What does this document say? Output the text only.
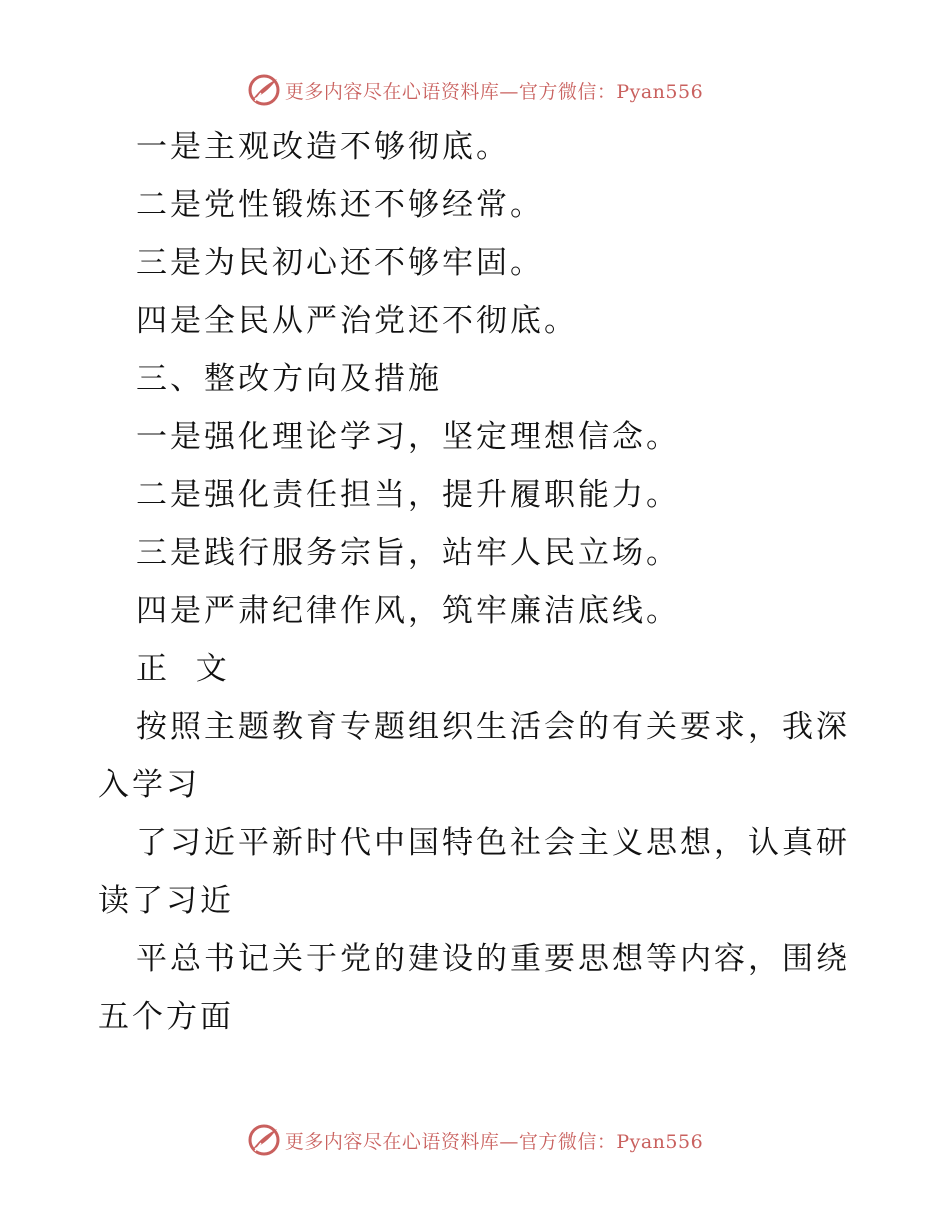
更多内容尽在心语资料库—官方微信：Pyan556
一是主观改造不够彻底。
二是党性锻炼还不够经常。
三是为民初心还不够牢固。
四是全民从严治党还不彻底。
三、整改方向及措施
一是强化理论学习，坚定理想信念。
二是强化责任担当，提升履职能力。
三是践行服务宗旨，站牢人民立场。
四是严肃纪律作风，筑牢廉洁底线。
正  文
按照主题教育专题组织生活会的有关要求，我深
入学习
了习近平新时代中国特色社会主义思想，认真研
读了习近
平总书记关于党的建设的重要思想等内容，围绕
五个方面
更多内容尽在心语资料库—官方微信：Pyan556
